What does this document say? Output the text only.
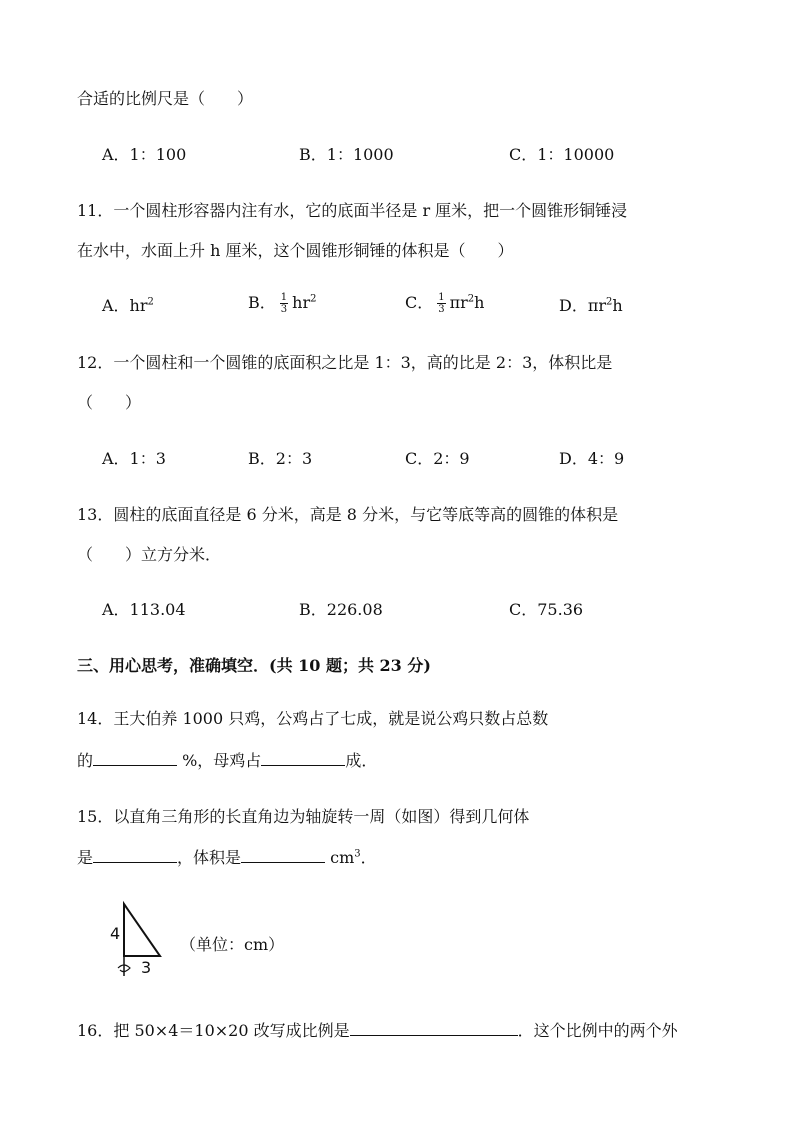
合适的比例尺是（　　）
A．1：100	B．1：1000	C．1：10000
11．一个圆柱形容器内注有水，它的底面半径是 r 厘米，把一个圆锥形铜锤浸
在水中，水面上升 h 厘米，这个圆锥形铜锤的体积是（　　）
A．$hr^2$	B． $\frac{1}{3} hr^2$	C． $\frac{1}{3} \pi r^2h$	D．$\pi r^2h$
12．一个圆柱和一个圆锥的底面积之比是 1：3，高的比是 2：3，体积比是
（　　）
A．1：3	B．2：3	C．2：9	D．4：9
13．圆柱的底面直径是 6 分米，高是 8 分米，与它等底等高的圆锥的体积是
（　　）立方分米．
A．113.04	B．226.08	C．75.36
三、用心思考，准确填空．(共 10 题；共 23 分)
14．王大伯养 1000 只鸡，公鸡占了七成，就是说公鸡只数占总数
的	%，母鸡占	成．
15．以直角三角形的长直角边为轴旋转一周（如图）得到几何体
是	，体积是	$cm^3$．
4
3
（单位：cm）
16．把 50×4＝10×20 改写成比例是	．这个比例中的两个外
